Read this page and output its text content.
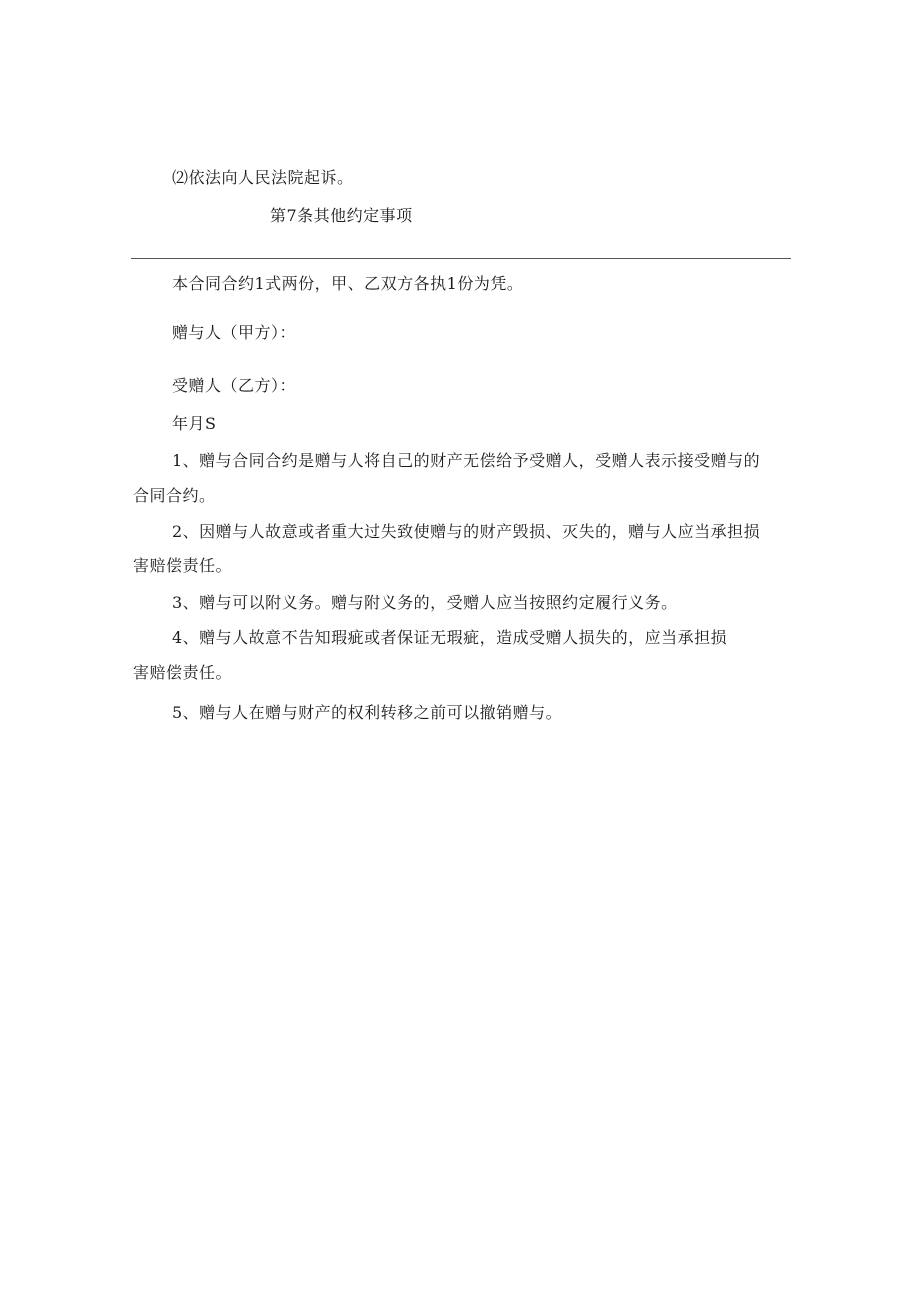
⑵依法向人民法院起诉。
第7条其他约定事项
本合同合约1式两份，甲、乙双方各执1份为凭。
赠与人（甲方）：
受赠人（乙方）：
年月S
1、赠与合同合约是赠与人将自己的财产无偿给予受赠人，受赠人表示接受赠与的
合同合约。
2、因赠与人故意或者重大过失致使赠与的财产毁损、灭失的，赠与人应当承担损
害赔偿责任。
3、赠与可以附义务。赠与附义务的，受赠人应当按照约定履行义务。
4、赠与人故意不告知瑕疵或者保证无瑕疵，造成受赠人损失的，应当承担损
害赔偿责任。
5、赠与人在赠与财产的权利转移之前可以撤销赠与。
